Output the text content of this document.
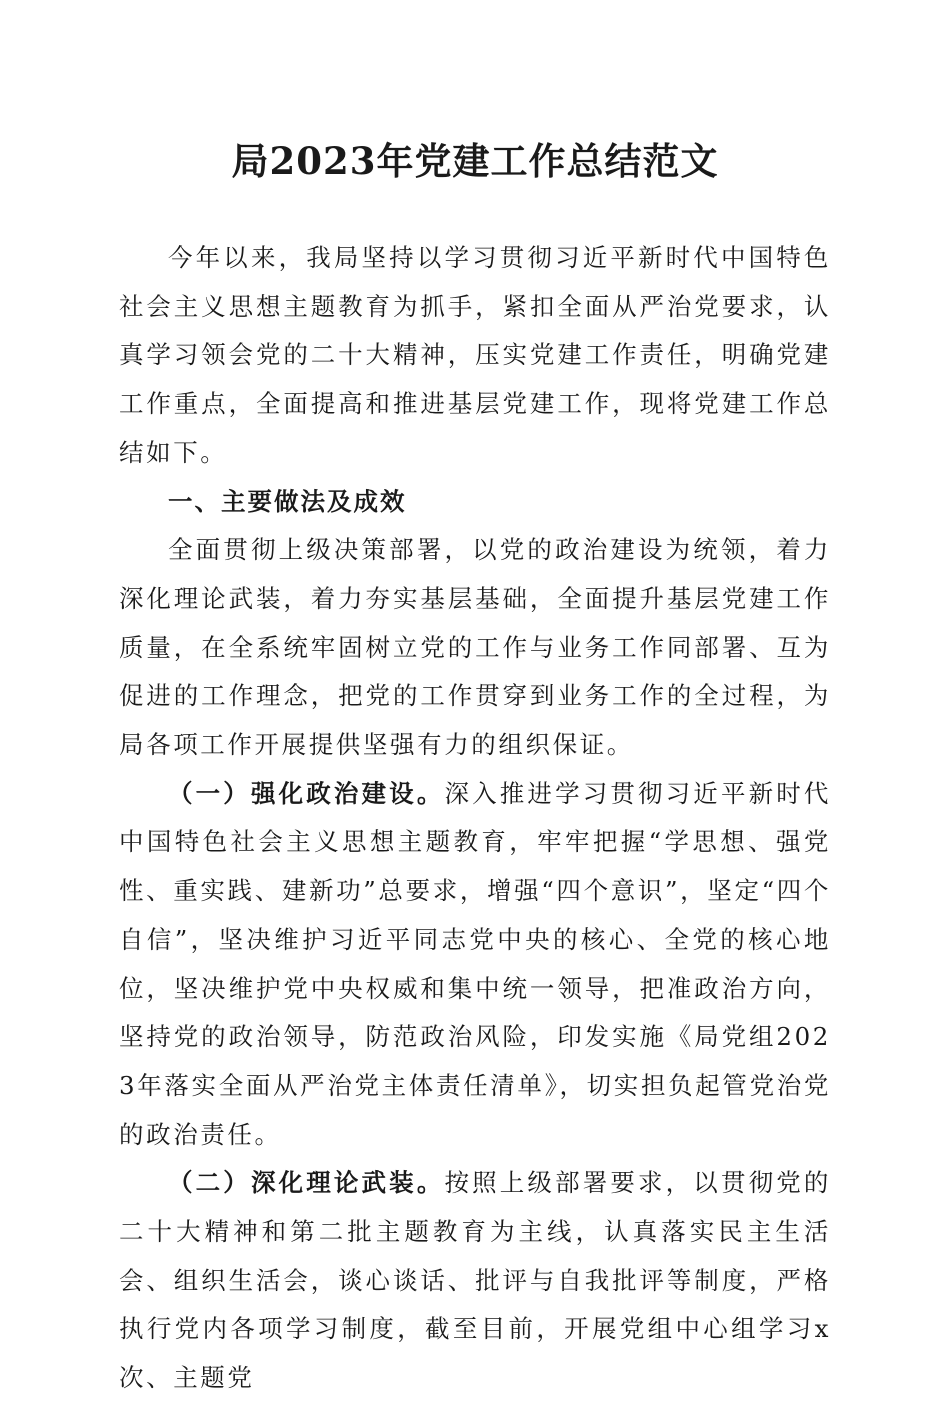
局2023年党建工作总结范文

今年以来，我局坚持以学习贯彻习近平新时代中国特色社会主义思想主题教育为抓手，紧扣全面从严治党要求，认真学习领会党的二十大精神，压实党建工作责任，明确党建工作重点，全面提高和推进基层党建工作，现将党建工作总结如下。

一、主要做法及成效

全面贯彻上级决策部署，以党的政治建设为统领，着力深化理论武装，着力夯实基层基础，全面提升基层党建工作质量，在全系统牢固树立党的工作与业务工作同部署、互为促进的工作理念，把党的工作贯穿到业务工作的全过程，为局各项工作开展提供坚强有力的组织保证。

（一）强化政治建设。深入推进学习贯彻习近平新时代中国特色社会主义思想主题教育，牢牢把握“学思想、强党性、重实践、建新功”总要求，增强“四个意识”，坚定“四个自信”，坚决维护习近平同志党中央的核心、全党的核心地位，坚决维护党中央权威和集中统一领导，把准政治方向，坚持党的政治领导，防范政治风险，印发实施《局党组2023年落实全面从严治党主体责任清单》，切实担负起管党治党的政治责任。

（二）深化理论武装。按照上级部署要求，以贯彻党的二十大精神和第二批主题教育为主线，认真落实民主生活会、组织生活会，谈心谈话、批评与自我批评等制度，严格执行党内各项学习制度，截至目前，开展党组中心组学习x次、主题党
